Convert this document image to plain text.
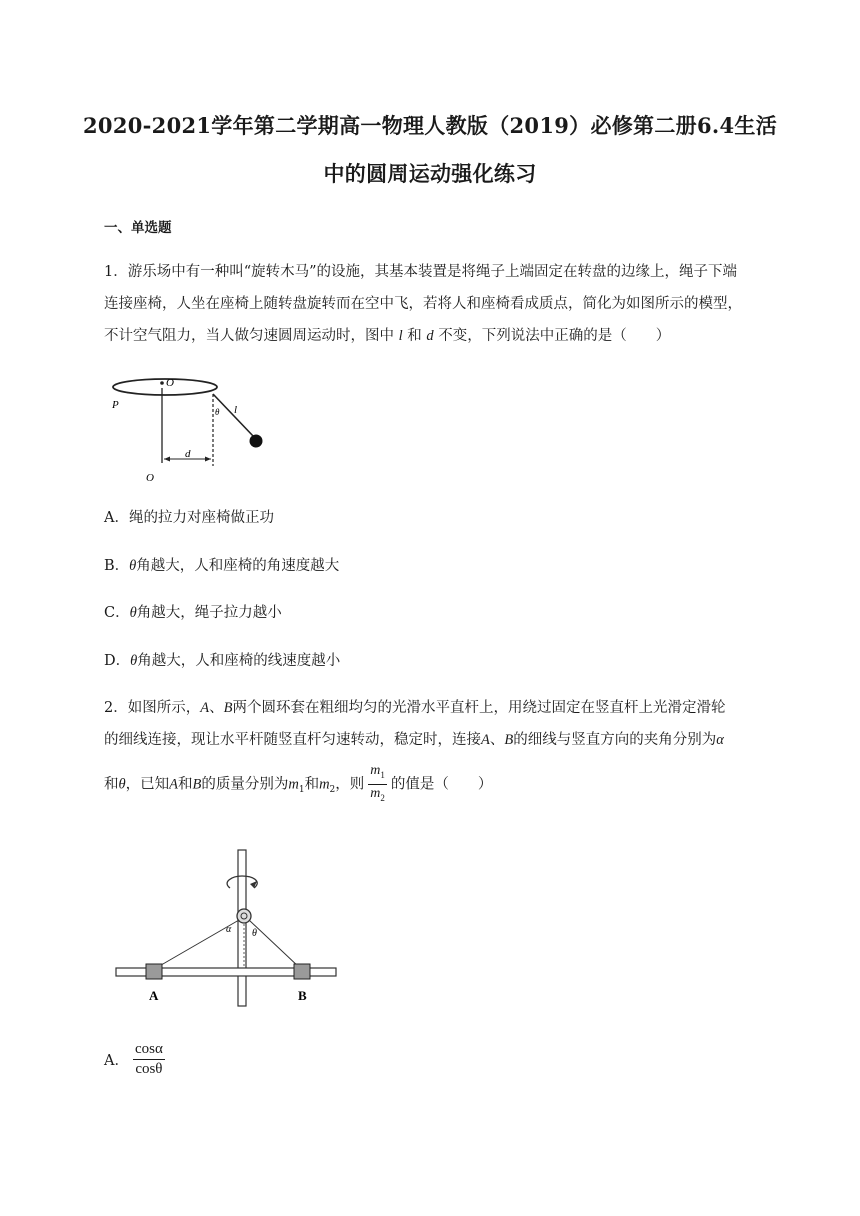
2020-2021学年第二学期高一物理人教版（2019）必修第二册6.4生活
中的圆周运动强化练习
一、单选题
1．游乐场中有一种叫“旋转木马”的设施，其基本装置是将绳子上端固定在转盘的边缘上，绳子下端
连接座椅，人坐在座椅上随转盘旋转而在空中飞，若将人和座椅看成质点，简化为如图所示的模型，
不计空气阻力，当人做匀速圆周运动时，图中 l 和 d 不变，下列说法中正确的是（　　）
O
P
θ l
d
O
A．绳的拉力对座椅做正功
B．θ角越大，人和座椅的角速度越大
C．θ角越大，绳子拉力越小
D．θ角越大，人和座椅的线速度越小
2．如图所示，A、B两个圆环套在粗细均匀的光滑水平直杆上，用绕过固定在竖直杆上光滑定滑轮
的细线连接，现让水平杆随竖直杆匀速转动，稳定时，连接A、B的细线与竖直方向的夹角分别为α
和θ，已知A和B的质量分别为$m_1$和$m_2$，则 $\frac{m_1}{m_2}$ 的值是（　　）
α θ
A	B
A． $\frac{\cos\alpha}{\cos\theta}$
